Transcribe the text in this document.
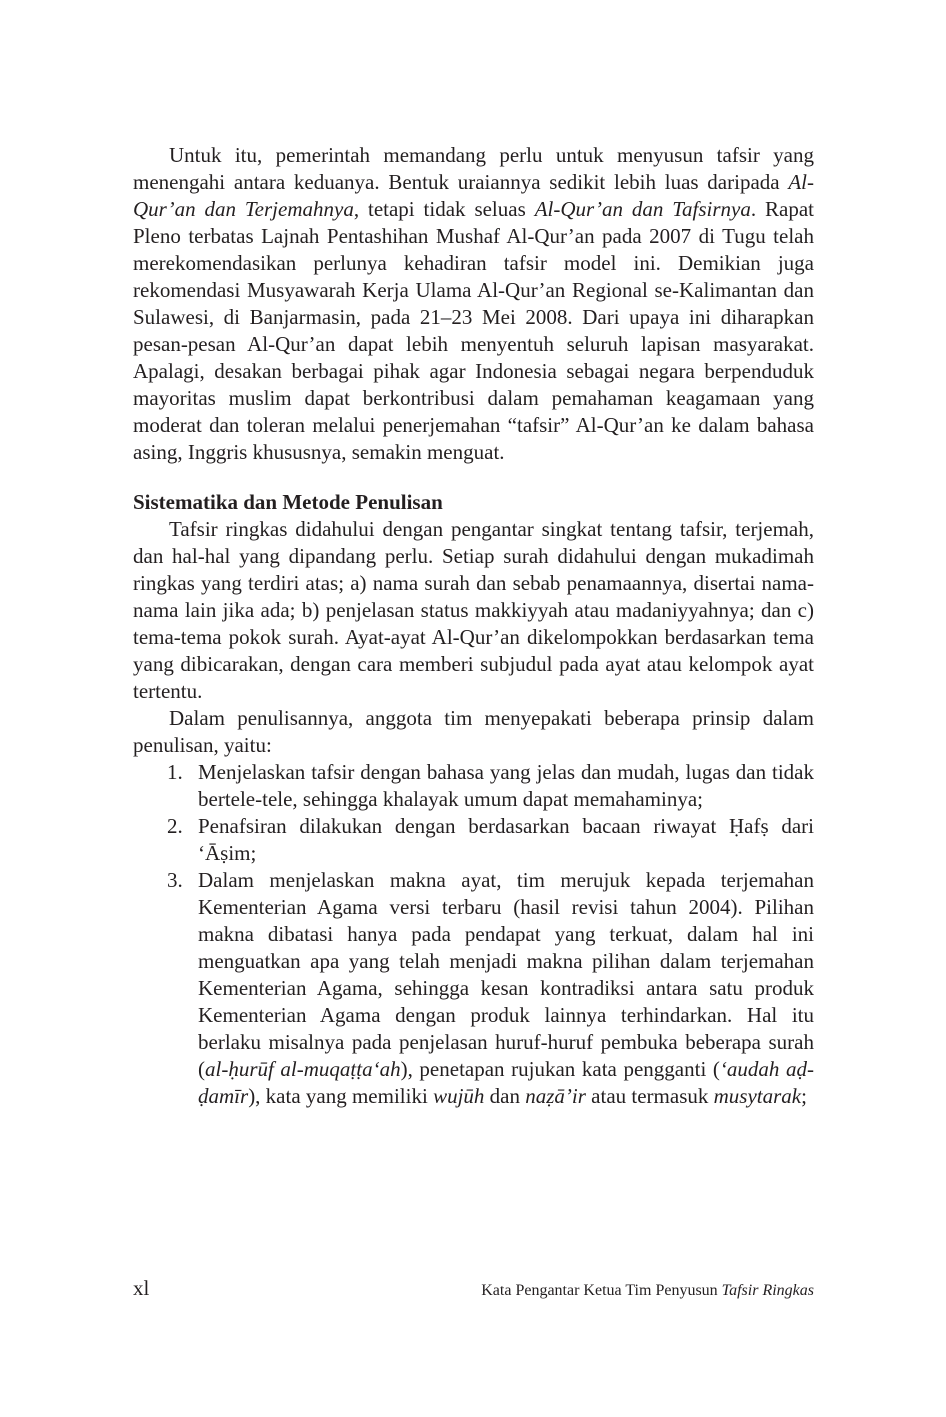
Untuk itu, pemerintah memandang perlu untuk menyusun tafsir yang menengahi antara keduanya. Bentuk uraiannya sedikit lebih luas daripada Al-Qur’an dan Terjemahnya, tetapi tidak seluas Al-Qur’an dan Tafsirnya. Rapat Pleno terbatas Lajnah Pentashihan Mushaf Al-Qur’an pada 2007 di Tugu telah merekomendasikan perlunya kehadiran tafsir model ini. Demikian juga rekomendasi Musyawarah Kerja Ulama Al-Qur’an Regional se-Kalimantan dan Sulawesi, di Banjarmasin, pada 21–23 Mei 2008. Dari upaya ini diharapkan pesan-pesan Al-Qur’an dapat lebih menyentuh seluruh lapisan masyarakat. Apalagi, desakan berbagai pihak agar Indonesia sebagai negara berpenduduk mayoritas muslim dapat berkontribusi dalam pemahaman keagamaan yang moderat dan toleran melalui penerjemahan “tafsir” Al-Qur’an ke dalam bahasa asing, Inggris khususnya, semakin menguat.

Sistematika dan Metode Penulisan

Tafsir ringkas didahului dengan pengantar singkat tentang tafsir, terjemah, dan hal-hal yang dipandang perlu. Setiap surah didahului dengan mukadimah ringkas yang terdiri atas; a) nama surah dan sebab penamaannya, disertai nama-nama lain jika ada; b) penjelasan status makkiyyah atau madaniyyahnya; dan c) tema-tema pokok surah. Ayat-ayat Al-Qur’an dikelompokkan berdasarkan tema yang dibicarakan, dengan cara memberi subjudul pada ayat atau kelompok ayat tertentu.

Dalam penulisannya, anggota tim menyepakati beberapa prinsip dalam penulisan, yaitu:

1. Menjelaskan tafsir dengan bahasa yang jelas dan mudah, lugas dan tidak bertele-tele, sehingga khalayak umum dapat memahaminya;
2. Penafsiran dilakukan dengan berdasarkan bacaan riwayat Ḥafṣ dari ‘Āṣim;
3. Dalam menjelaskan makna ayat, tim merujuk kepada terjemahan Kementerian Agama versi terbaru (hasil revisi tahun 2004). Pilihan makna dibatasi hanya pada pendapat yang terkuat, dalam hal ini menguatkan apa yang telah menjadi makna pilihan dalam terjemahan Kementerian Agama, sehingga kesan kontradiksi antara satu produk Kementerian Agama dengan produk lainnya terhindarkan. Hal itu berlaku misalnya pada penjelasan huruf-huruf pembuka beberapa surah (al-ḥurūf al-muqaṭṭa‘ah), penetapan rujukan kata pengganti (‘audah aḍ-ḍamīr), kata yang memiliki wujūh dan naẓā’ir atau termasuk musytarak;
xl	Kata Pengantar Ketua Tim Penyusun Tafsir Ringkas
